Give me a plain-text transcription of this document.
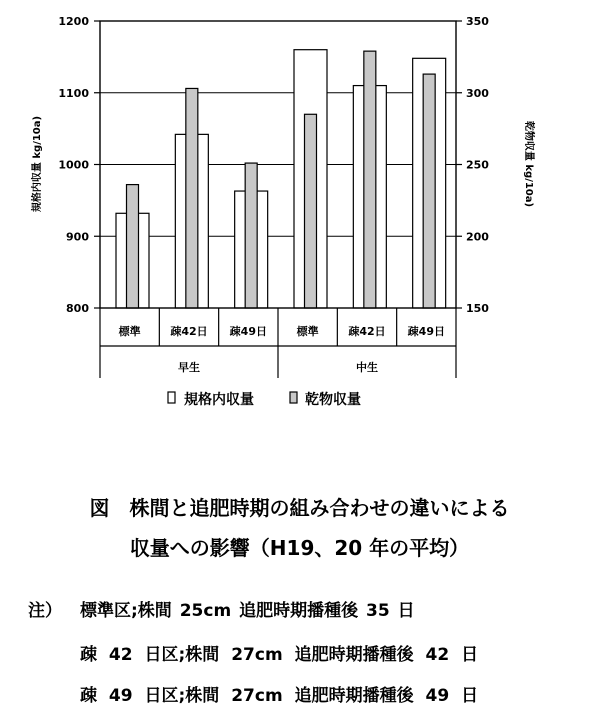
800
900
1000
1100
1200
150
200
250
300
350
標準	疎42日 疎49日	標準	疎42日 疎49日
早生	中生
規格内収量 kg/10a)	乾物収量 kg/10a)
規格内収量	乾物収量
図　株間と追肥時期の組み合わせの違いによる
収量への影響（H19、20 年の平均）
注） 標準区;株間 25cm 追肥時期播種後 35 日
疎 42 日区;株間 27cm 追肥時期播種後 42 日
疎 49 日区;株間 27cm 追肥時期播種後 49 日
